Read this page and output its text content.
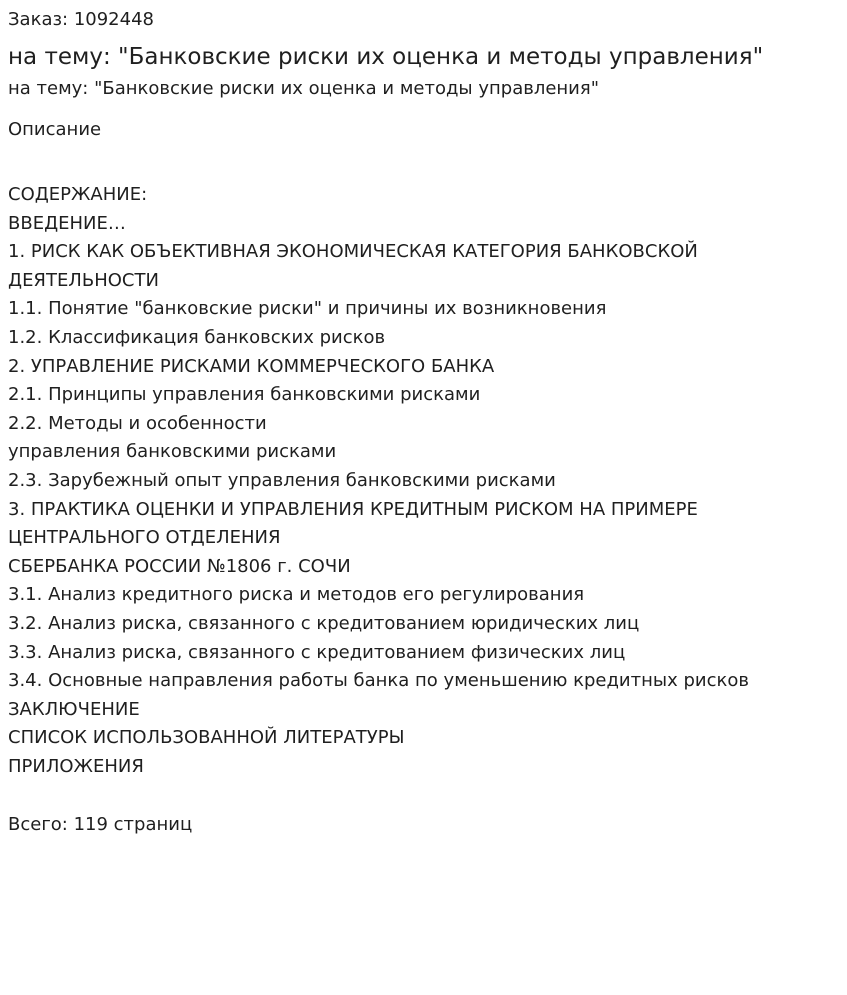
Заказ: 1092448

на тему: "Банковские риски их оценка и методы управления"

на тему: "Банковские риски их оценка и методы управления"

Описание

СОДЕРЖАНИЕ:
ВВЕДЕНИЕ…
1. РИСК КАК ОБЪЕКТИВНАЯ ЭКОНОМИЧЕСКАЯ КАТЕГОРИЯ БАНКОВСКОЙ
ДЕЯТЕЛЬНОСТИ
1.1. Понятие "банковские риски" и причины их возникновения
1.2. Классификация банковских рисков
2. УПРАВЛЕНИЕ РИСКАМИ КОММЕРЧЕСКОГО БАНКА
2.1. Принципы управления банковскими рисками
2.2. Методы и особенности
управления банковскими рисками
2.3. Зарубежный опыт управления банковскими рисками
3. ПРАКТИКА ОЦЕНКИ И УПРАВЛЕНИЯ КРЕДИТНЫМ РИСКОМ НА ПРИМЕРЕ
ЦЕНТРАЛЬНОГО ОТДЕЛЕНИЯ
СБЕРБАНКА РОССИИ №1806 г. СОЧИ
3.1. Анализ кредитного риска и методов его регулирования
3.2. Анализ риска, связанного с кредитованием юридических лиц
3.3. Анализ риска, связанного с кредитованием физических лиц
3.4. Основные направления работы банка по уменьшению кредитных рисков
ЗАКЛЮЧЕНИЕ
СПИСОК ИСПОЛЬЗОВАННОЙ ЛИТЕРАТУРЫ
ПРИЛОЖЕНИЯ

Всего: 119 страниц
